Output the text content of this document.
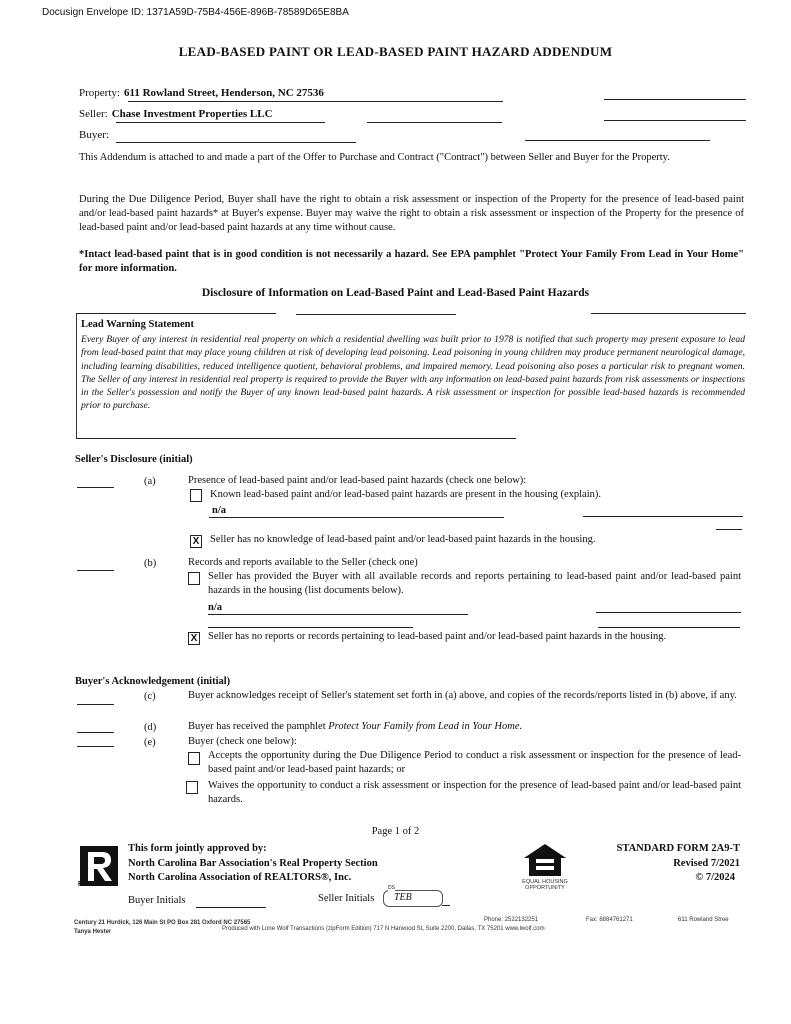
Docusign Envelope ID: 1371A59D-75B4-456E-896B-78589D65E8BA
LEAD-BASED PAINT OR LEAD-BASED PAINT HAZARD ADDENDUM
Property: 611 Rowland Street, Henderson, NC 27536
Seller: Chase Investment Properties LLC
Buyer:
This Addendum is attached to and made a part of the Offer to Purchase and Contract ("Contract") between Seller and Buyer for the Property.
During the Due Diligence Period, Buyer shall have the right to obtain a risk assessment or inspection of the Property for the presence of lead-based paint and/or lead-based paint hazards* at Buyer's expense. Buyer may waive the right to obtain a risk assessment or inspection of the Property for the presence of lead-based paint and/or lead-based paint hazards at any time without cause.
*Intact lead-based paint that is in good condition is not necessarily a hazard. See EPA pamphlet "Protect Your Family From Lead in Your Home" for more information.
Disclosure of Information on Lead-Based Paint and Lead-Based Paint Hazards
Lead Warning Statement
Every Buyer of any interest in residential real property on which a residential dwelling was built prior to 1978 is notified that such property may present exposure to lead from lead-based paint that may place young children at risk of developing lead poisoning. Lead poisoning in young children may produce permanent neurological damage, including learning disabilities, reduced intelligence quotient, behavioral problems, and impaired memory. Lead poisoning also poses a particular risk to pregnant women. The Seller of any interest in residential real property is required to provide the Buyer with any information on lead-based paint hazards from risk assessments or inspections in the Seller's possession and notify the Buyer of any known lead-based paint hazards. A risk assessment or inspection for possible lead-based hazards is recommended prior to purchase.
Seller's Disclosure (initial)
(a)	Presence of lead-based paint and/or lead-based paint hazards (check one below):
Known lead-based paint and/or lead-based paint hazards are present in the housing (explain).
n/a
X Seller has no knowledge of lead-based paint and/or lead-based paint hazards in the housing.
(b)	Records and reports available to the Seller (check one)
Seller has provided the Buyer with all available records and reports pertaining to lead-based paint and/or lead-based paint hazards in the housing (list documents below).
n/a
X Seller has no reports or records pertaining to lead-based paint and/or lead-based paint hazards in the housing.
Buyer's Acknowledgement (initial)
(c)	Buyer acknowledges receipt of Seller's statement set forth in (a) above, and copies of the records/reports listed in (b) above, if any.
(d)	Buyer has received the pamphlet Protect Your Family from Lead in Your Home.
(e)	Buyer (check one below):
Accepts the opportunity during the Due Diligence Period to conduct a risk assessment or inspection for the presence of lead-based paint and/or lead-based paint hazards; or
Waives the opportunity to conduct a risk assessment or inspection for the presence of lead-based paint and/or lead-based paint hazards.
Page 1 of 2
REALTOR®
This form jointly approved by:
North Carolina Bar Association's Real Property Section
North Carolina Association of REALTORS®, Inc.	EQUAL HOUSING OPPORTUNITY
STANDARD FORM 2A9-T
Revised 7/2021
© 7/2024
Buyer Initials	Seller Initials
DS
TEB
Century 21 Hurdick, 126 Main St PO Box 281 Oxford NC 27565
Tanya Hester
Phone: 2522132251	Fax: 8884761271	611 Rowland Stree
Produced with Lone Wolf Transactions (zipForm Edition) 717 N Harwood St, Suite 2200, Dallas, TX 75201 www.lwolf.com
